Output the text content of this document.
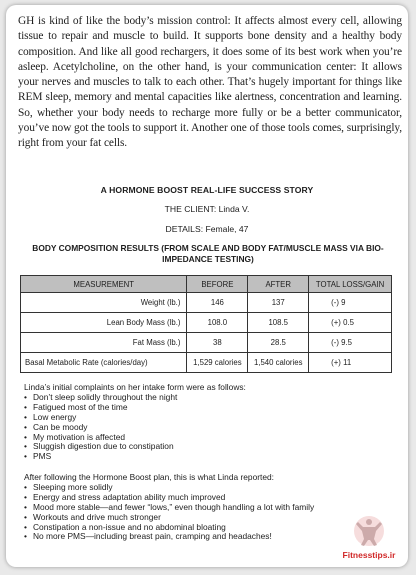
GH is kind of like the body’s mission control: It affects almost every cell, allowing tissue to repair and muscle to build. It supports bone density and a healthy body composition. And like all good rechargers, it does some of its best work when you’re asleep. Acetylcholine, on the other hand, is your communication center: It allows your nerves and muscles to talk to each other. That’s hugely important for things like REM sleep, memory and mental capacities like alertness, concentration and learning. So, whether your body needs to recharge more fully or be a better communicator, you’ve now got the tools to support it. Another one of those tools comes, surprisingly, right from your fat cells.

A HORMONE BOOST REAL-LIFE SUCCESS STORY
THE CLIENT: Linda V.
DETAILS: Female, 47
BODY COMPOSITION RESULTS (FROM SCALE AND BODY FAT/MUSCLE MASS VIA BIO-IMPEDANCE TESTING)
MEASUREMENT	BEFORE	AFTER	TOTAL LOSS/GAIN
Weight (lb.)	146	137	(-) 9
Lean Body Mass (lb.)	108.0	108.5	(+) 0.5
Fat Mass (lb.)	38	28.5	(-) 9.5
Basal Metabolic Rate (calories/day)	1,529 calories	1,540 calories	(+) 11
Linda’s initial complaints on her intake form were as follows:
• Don’t sleep solidly throughout the night
• Fatigued most of the time
• Low energy
• Can be moody
• My motivation is affected
• Sluggish digestion due to constipation
• PMS
After following the Hormone Boost plan, this is what Linda reported:
• Sleeping more solidly
• Energy and stress adaptation ability much improved
• Mood more stable—and fewer “lows,” even though handling a lot with family
• Workouts and drive much stronger
• Constipation a non-issue and no abdominal bloating
• No more PMS—including breast pain, cramping and headaches!
Fitnesstips.ir
